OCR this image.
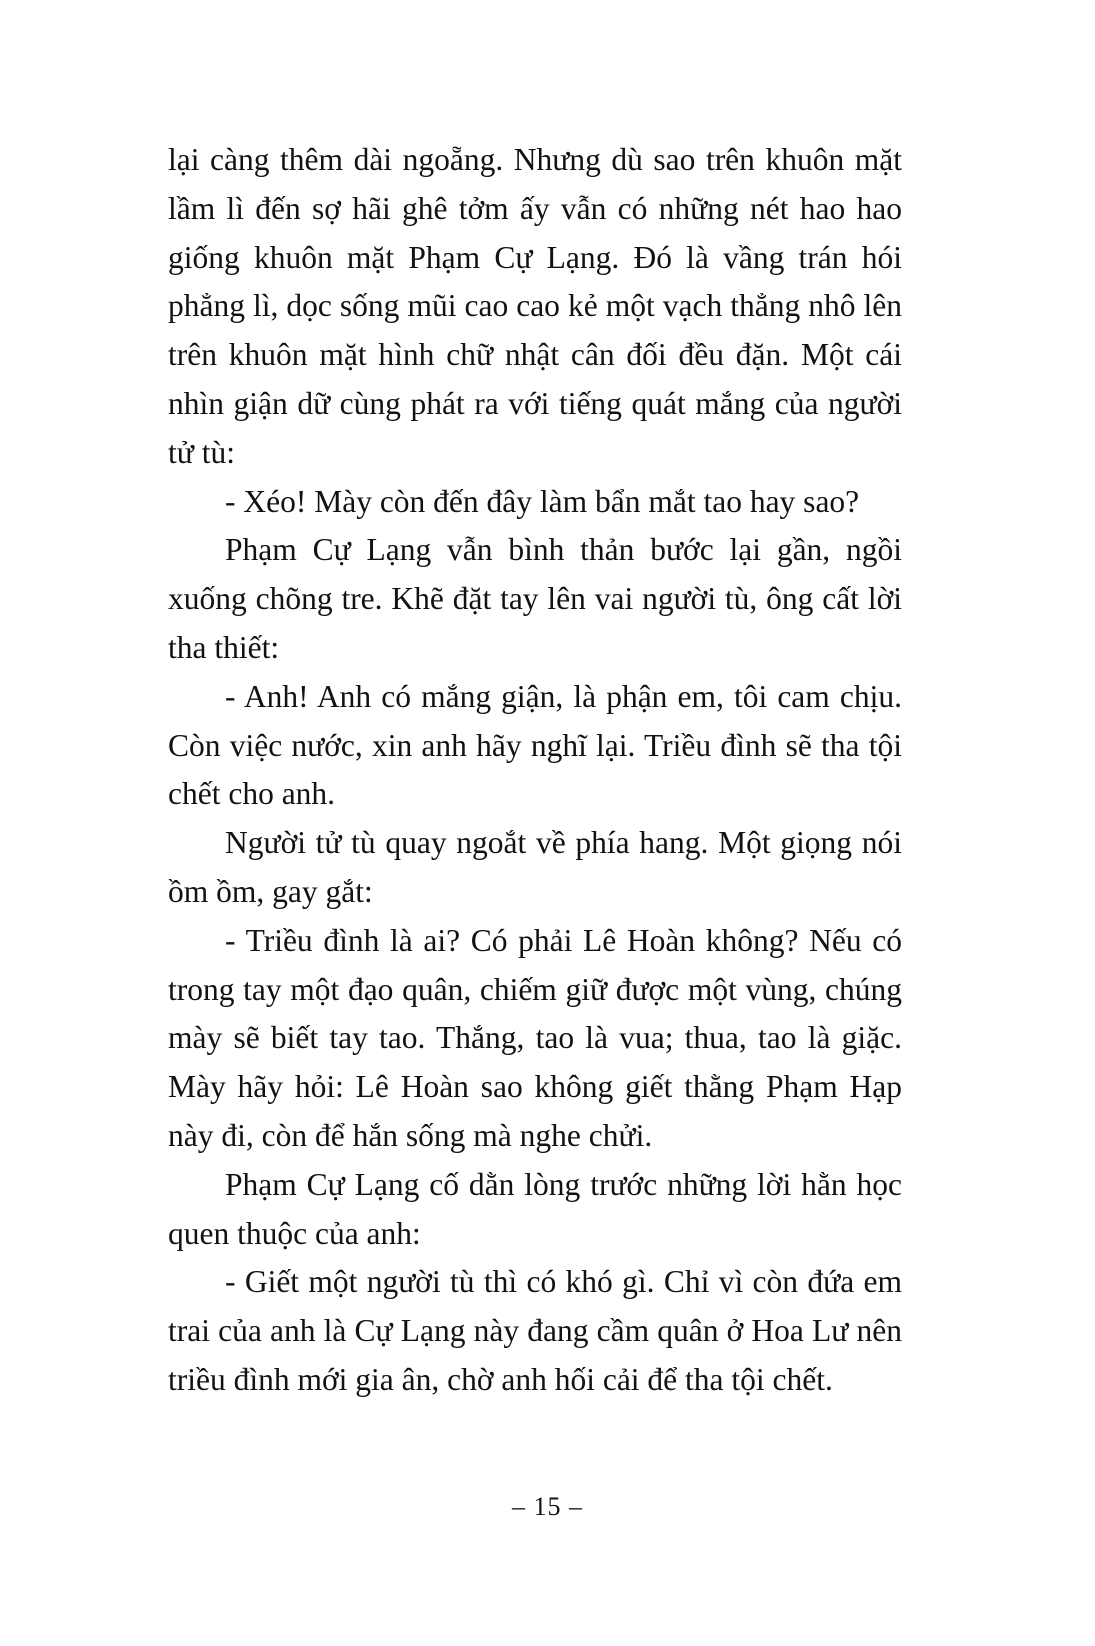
lại càng thêm dài ngoẵng. Nhưng dù sao trên khuôn mặt lầm lì đến sợ hãi ghê tởm ấy vẫn có những nét hao hao giống khuôn mặt Phạm Cự Lạng. Đó là vầng trán hói phẳng lì, dọc sống mũi cao cao kẻ một vạch thẳng nhô lên trên khuôn mặt hình chữ nhật cân đối đều đặn. Một cái nhìn giận dữ cùng phát ra với tiếng quát mắng của người tử tù:

- Xéo! Mày còn đến đây làm bẩn mắt tao hay sao?

Phạm Cự Lạng vẫn bình thản bước lại gần, ngồi xuống chõng tre. Khẽ đặt tay lên vai người tù, ông cất lời tha thiết:

- Anh! Anh có mắng giận, là phận em, tôi cam chịu. Còn việc nước, xin anh hãy nghĩ lại. Triều đình sẽ tha tội chết cho anh.

Người tử tù quay ngoắt về phía hang. Một giọng nói ồm ồm, gay gắt:

- Triều đình là ai? Có phải Lê Hoàn không? Nếu có trong tay một đạo quân, chiếm giữ được một vùng, chúng mày sẽ biết tay tao. Thắng, tao là vua; thua, tao là giặc. Mày hãy hỏi: Lê Hoàn sao không giết thằng Phạm Hạp này đi, còn để hắn sống mà nghe chửi.

Phạm Cự Lạng cố dằn lòng trước những lời hằn học quen thuộc của anh:

- Giết một người tù thì có khó gì. Chỉ vì còn đứa em trai của anh là Cự Lạng này đang cầm quân ở Hoa Lư nên triều đình mới gia ân, chờ anh hối cải để tha tội chết.

– 15 –
